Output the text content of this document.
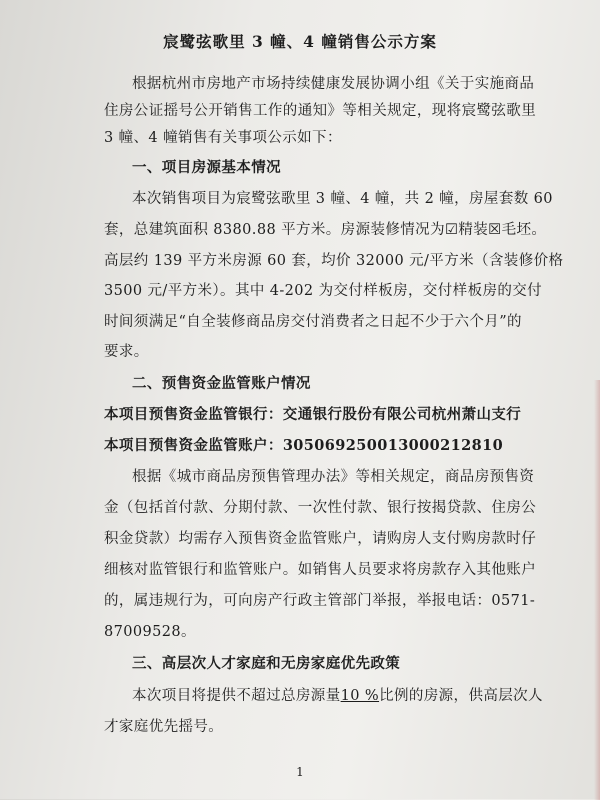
宸鹭弦歌里 3 幢、4 幢销售公示方案
根据杭州市房地产市场持续健康发展协调小组《关于实施商品
住房公证摇号公开销售工作的通知》等相关规定，现将宸鹭弦歌里
3 幢、4 幢销售有关事项公示如下：
一、项目房源基本情况
本次销售项目为宸鹭弦歌里 3 幢、4 幢，共 2 幢，房屋套数 60
套，总建筑面积 8380.88 平方米。房源装修情况为☑精装☒毛坯。
高层约 139 平方米房源 60 套，均价 32000 元/平方米（含装修价格
3500 元/平方米）。其中 4-202 为交付样板房，交付样板房的交付
时间须满足“自全装修商品房交付消费者之日起不少于六个月”的
要求。
二、预售资金监管账户情况
本项目预售资金监管银行：交通银行股份有限公司杭州萧山支行
本项目预售资金监管账户：305069250013000212810
根据《城市商品房预售管理办法》等相关规定，商品房预售资
金（包括首付款、分期付款、一次性付款、银行按揭贷款、住房公
积金贷款）均需存入预售资金监管账户，请购房人支付购房款时仔
细核对监管银行和监管账户。如销售人员要求将房款存入其他账户
的，属违规行为，可向房产行政主管部门举报，举报电话：0571-
87009528。
三、高层次人才家庭和无房家庭优先政策
本次项目将提供不超过总房源量10 %比例的房源，供高层次人
才家庭优先摇号。
1
